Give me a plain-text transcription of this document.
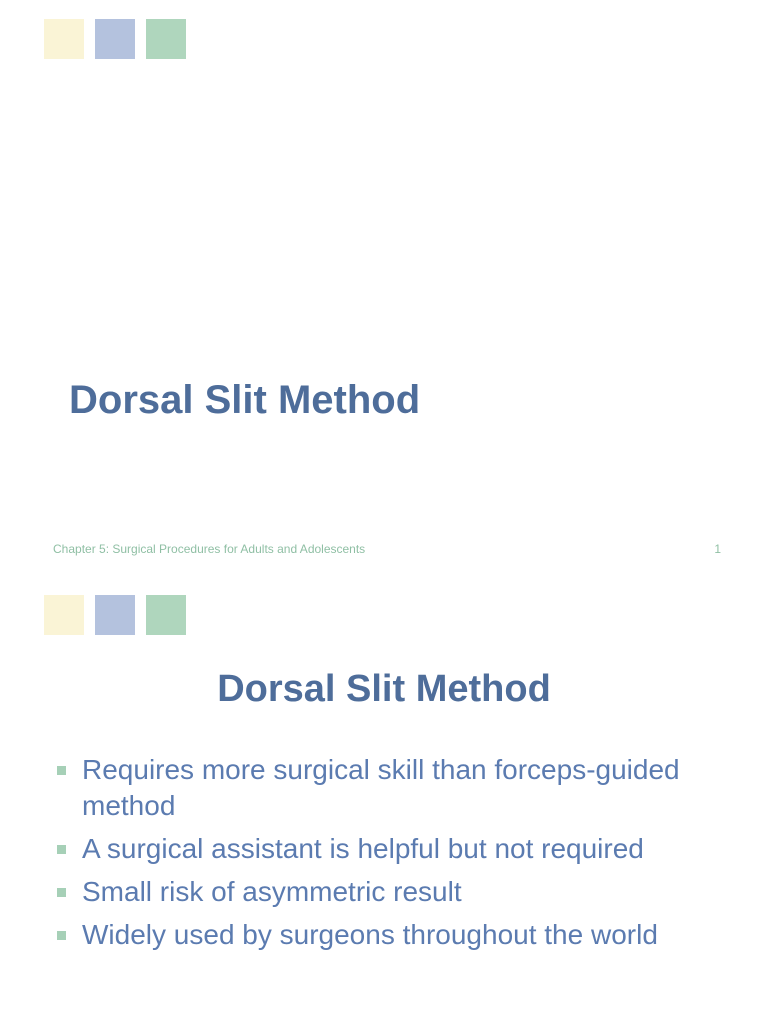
Dorsal Slit Method
Chapter 5: Surgical Procedures for Adults and Adolescents	1
Dorsal Slit Method
Requires more surgical skill than forceps-guided method
A surgical assistant is helpful but not required
Small risk of asymmetric result
Widely used by surgeons throughout the world
